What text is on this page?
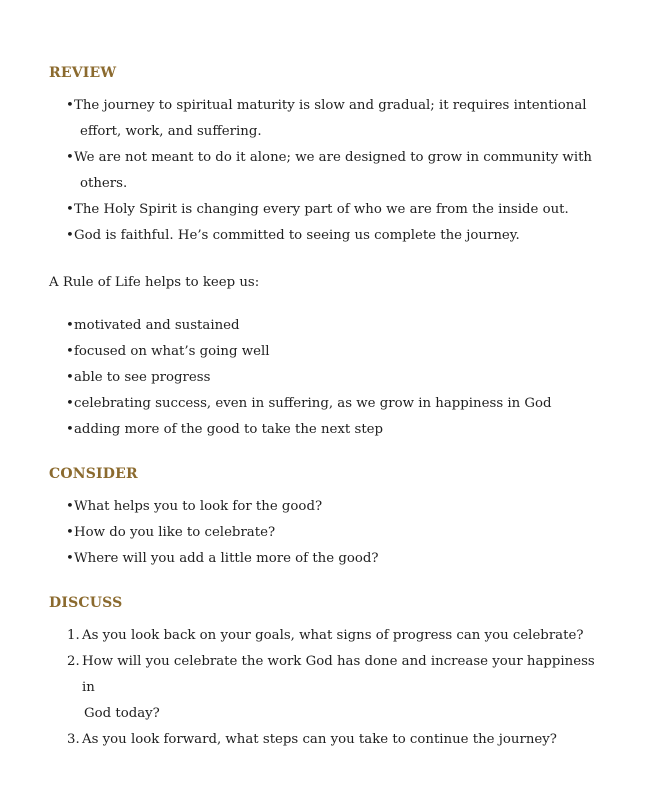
REVIEW
• The journey to spiritual maturity is slow and gradual; it requires intentional
effort, work, and suffering.
• We are not meant to do it alone; we are designed to grow in community with
others.
• The Holy Spirit is changing every part of who we are from the inside out.
• God is faithful. He’s committed to seeing us complete the journey.

A Rule of Life helps to keep us:

• motivated and sustained
• focused on what’s going well
• able to see progress
• celebrating success, even in suffering, as we grow in happiness in God
• adding more of the good to take the next step
CONSIDER
• What helps you to look for the good?
• How do you like to celebrate?
• Where will you add a little more of the good?
DISCUSS
1. As you look back on your goals, what signs of progress can you celebrate?
2. How will you celebrate the work God has done and increase your happiness in
God today?
3. As you look forward, what steps can you take to continue the journey?
